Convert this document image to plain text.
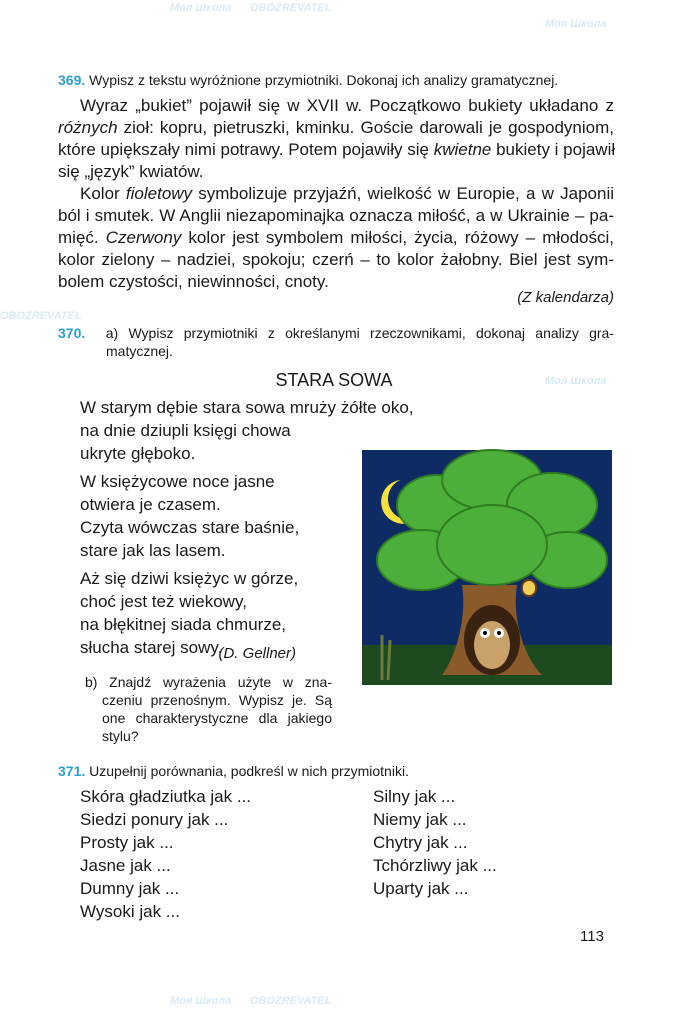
Моя Школа OBOZREVATEL
Моя Школа
OBOZREVATEL
Моя Школа
Моя Школа OBOZREVATEL
369. Wypisz z tekstu wyróżnione przymiotniki. Dokonaj ich analizy gramatycznej.
Wyraz „bukiet” pojawił się w XVII w. Początkowo bukiety układano z
różnych zioł: kopru, pietruszki, kminku. Goście darowali je gospodyniom,
które upiększały nimi potrawy. Potem pojawiły się kwietne bukiety i pojawił
się „język” kwiatów.
Kolor fioletowy symbolizuje przyjaźń, wielkość w Europie, a w Japonii
ból i smutek. W Anglii niezapominajka oznacza miłość, a w Ukrainie – pa-
mięć. Czerwony kolor jest symbolem miłości, życia, różowy – młodości,
kolor zielony – nadziei, spokoju; czerń – to kolor żałobny. Biel jest sym-
bolem czystości, niewinności, cnoty.
(Z kalendarza)
370. a) Wypisz przymiotniki z określanymi rzeczownikami, dokonaj analizy gra-
matycznej.
STARA SOWA
W starym dębie stara sowa mruży żółte oko,
na dnie dziupli księgi chowa
ukryte głęboko.
W księżycowe noce jasne
otwiera je czasem.
Czyta wówczas stare baśnie,
stare jak las lasem.
Aż się dziwi księżyc w górze,
choć jest też wiekowy,
na błękitnej siada chmurze,
słucha starej sowy.
(D. Gellner)
b) Znajdź wyrażenia użyte w zna-
czeniu przenośnym. Wypisz je. Są
one charakterystyczne dla jakiego
stylu?
371. Uzupełnij porównania, podkreśl w nich przymiotniki.
Skóra gładziutka jak ...
Siedzi ponury jak ...
Prosty jak ...
Jasne jak ...
Dumny jak ...
Wysoki jak ...
Silny jak ...
Niemy jak ...
Chytry jak ...
Tchórzliwy jak ...
Uparty jak ...
113
